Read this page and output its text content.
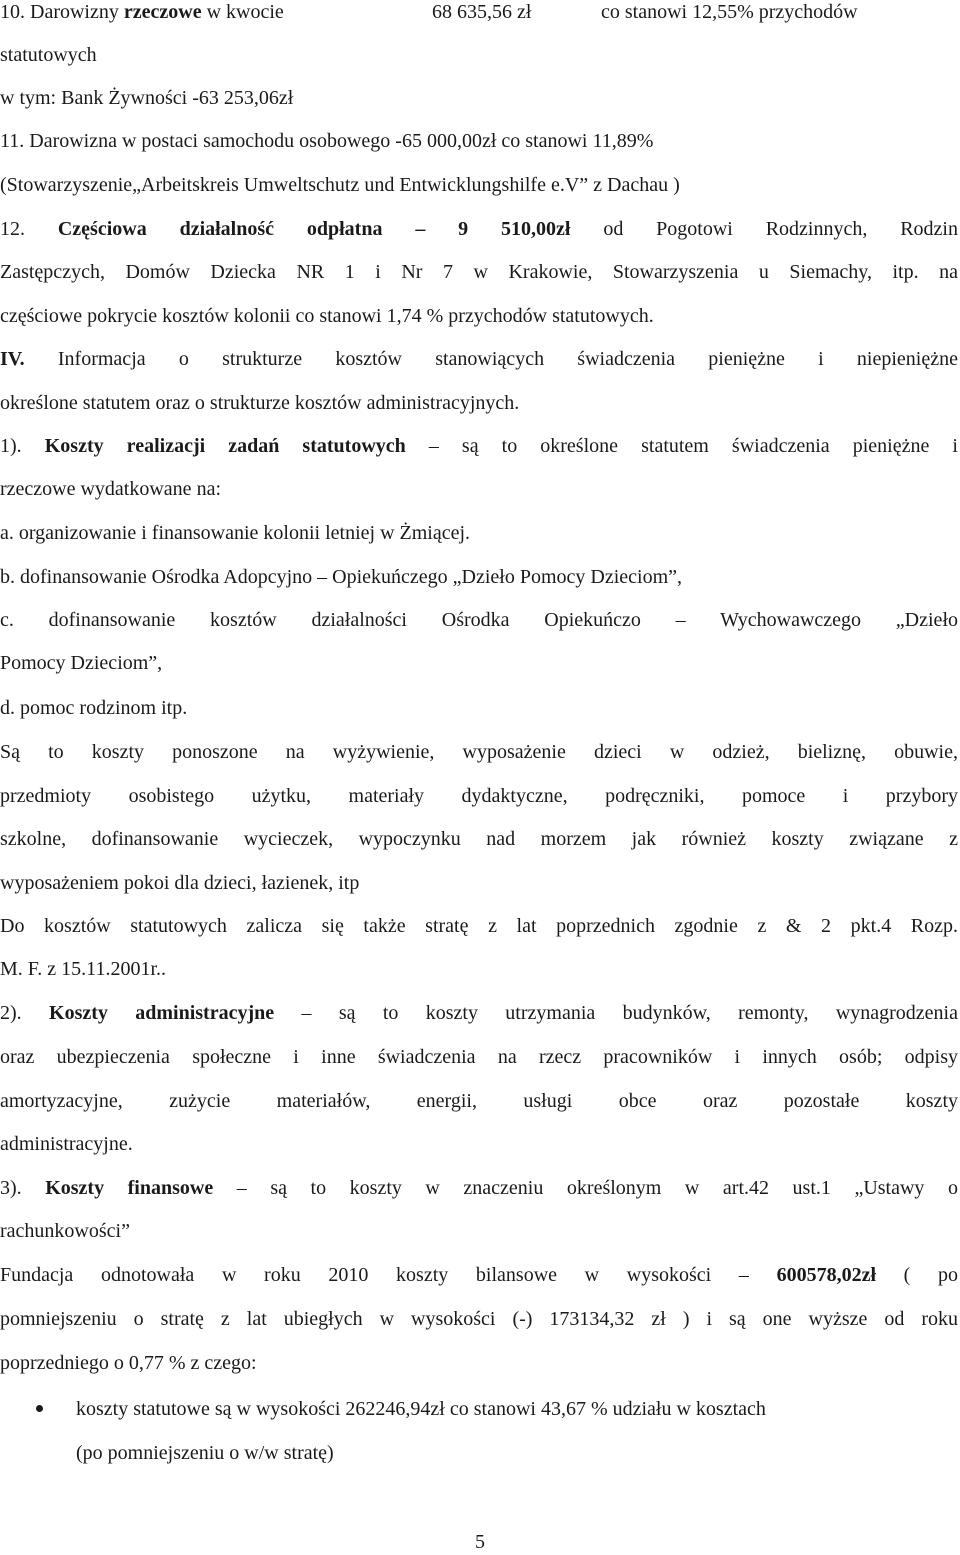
10. Darowizny rzeczowe w kwocie	68 635,56 zł	co stanowi 12,55% przychodów
statutowych
w tym: Bank Żywności -63 253,06zł
11. Darowizna w postaci samochodu osobowego -65 000,00zł co stanowi 11,89%
(Stowarzyszenie„Arbeitskreis Umweltschutz und Entwicklungshilfe e.V” z Dachau )
12. Częściowa działalność odpłatna – 9 510,00zł od Pogotowi Rodzinnych, Rodzin
Zastępczych, Domów Dziecka NR 1 i Nr 7 w Krakowie, Stowarzyszenia u Siemachy, itp. na
częściowe pokrycie kosztów kolonii co stanowi 1,74 % przychodów statutowych.
IV. Informacja o strukturze kosztów stanowiących świadczenia pieniężne i niepieniężne
określone statutem oraz o strukturze kosztów administracyjnych.
1). Koszty realizacji zadań statutowych – są to określone statutem świadczenia pieniężne i
rzeczowe wydatkowane na:
a. organizowanie i finansowanie kolonii letniej w Żmiącej.
b. dofinansowanie Ośrodka Adopcyjno – Opiekuńczego „Dzieło Pomocy Dzieciom”,
c. dofinansowanie kosztów działalności Ośrodka Opiekuńczo – Wychowawczego „Dzieło
Pomocy Dzieciom”,
d. pomoc rodzinom itp.
Są to koszty ponoszone na wyżywienie, wyposażenie dzieci w odzież, bieliznę, obuwie,
przedmioty osobistego użytku, materiały dydaktyczne, podręczniki, pomoce i przybory
szkolne, dofinansowanie wycieczek, wypoczynku nad morzem jak również koszty związane z
wyposażeniem pokoi dla dzieci, łazienek, itp
Do kosztów statutowych zalicza się także stratę z lat poprzednich zgodnie z & 2 pkt.4 Rozp.
M. F. z 15.11.2001r..
2). Koszty administracyjne – są to koszty utrzymania budynków, remonty, wynagrodzenia
oraz ubezpieczenia społeczne i inne świadczenia na rzecz pracowników i innych osób; odpisy
amortyzacyjne, zużycie materiałów, energii, usługi obce oraz pozostałe koszty
administracyjne.
3). Koszty finansowe – są to koszty w znaczeniu określonym w art.42 ust.1 „Ustawy o
rachunkowości”
Fundacja odnotowała w roku 2010 koszty bilansowe w wysokości – 600578,02zł ( po
pomniejszeniu o stratę z lat ubiegłych w wysokości (-) 173134,32 zł ) i są one wyższe od roku
poprzedniego o 0,77 % z czego:
koszty statutowe są w wysokości 262246,94zł co stanowi 43,67 % udziału w kosztach
(po pomniejszeniu o w/w stratę)
5
